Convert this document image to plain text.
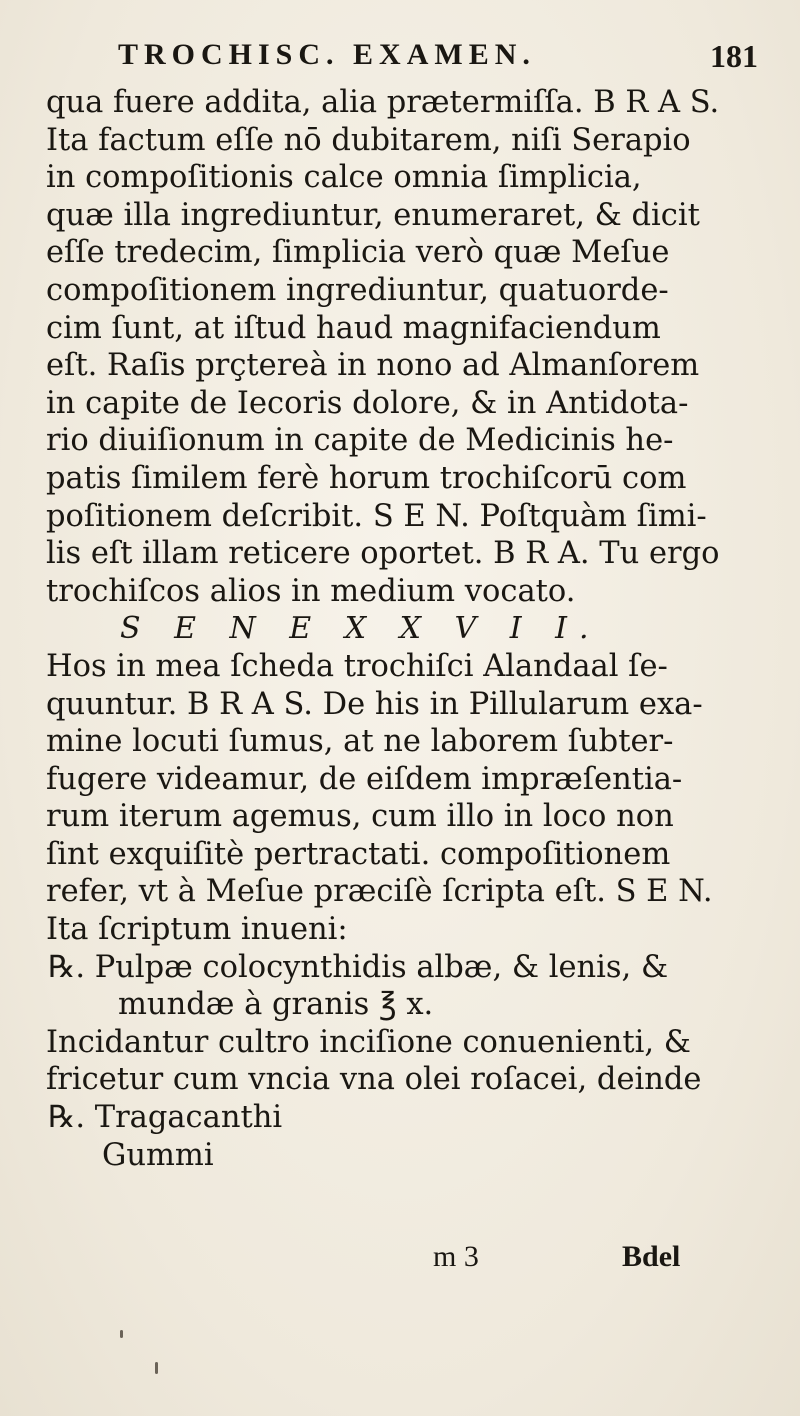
TROCHISC. EXAMEN.	181
qua fuere addita, alia prætermiſſa. B R A S.
Ita factum eſſe nō dubitarem, niſi Serapio
in compoſitionis calce omnia ſimplicia,
quæ illa ingrediuntur, enumeraret, & dicit
eſſe tredecim, ſimplicia verò quæ Meſue
compoſitionem ingrediuntur, quatuorde-
cim ſunt, at iſtud haud magnifaciendum
eſt. Raſis prçtereà in nono ad Almanſorem
in capite de Iecoris dolore, & in Antidota-
rio diuiſionum in capite de Medicinis he-
patis ſimilem ferè horum trochiſcorū com
poſitionem deſcribit. S E N. Poſtquàm ſimi-
lis eſt illam reticere oportet. B R A. Tu ergo
trochiſcos alios in medium vocato.
S E N E X X V I I.
Hos in mea ſcheda trochiſci Alandaal ſe-
quuntur. B R A S. De his in Pillularum exa-
mine locuti ſumus, at ne laborem ſubter-
fugere videamur, de eiſdem impræſentia-
rum iterum agemus, cum illo in loco non
ſint exquiſitè pertractati. compoſitionem
refer, vt à Meſue præciſè ſcripta eſt. S E N.
Ita ſcriptum inueni:
℞. Pulpæ colocynthidis albæ, & lenis, &
mundæ à granis ℥ x.
Incidantur cultro inciſione conuenienti, &
fricetur cum vncia vna olei roſacei, deinde
℞. Tragacanthi
Gummi
m 3	Bdel
